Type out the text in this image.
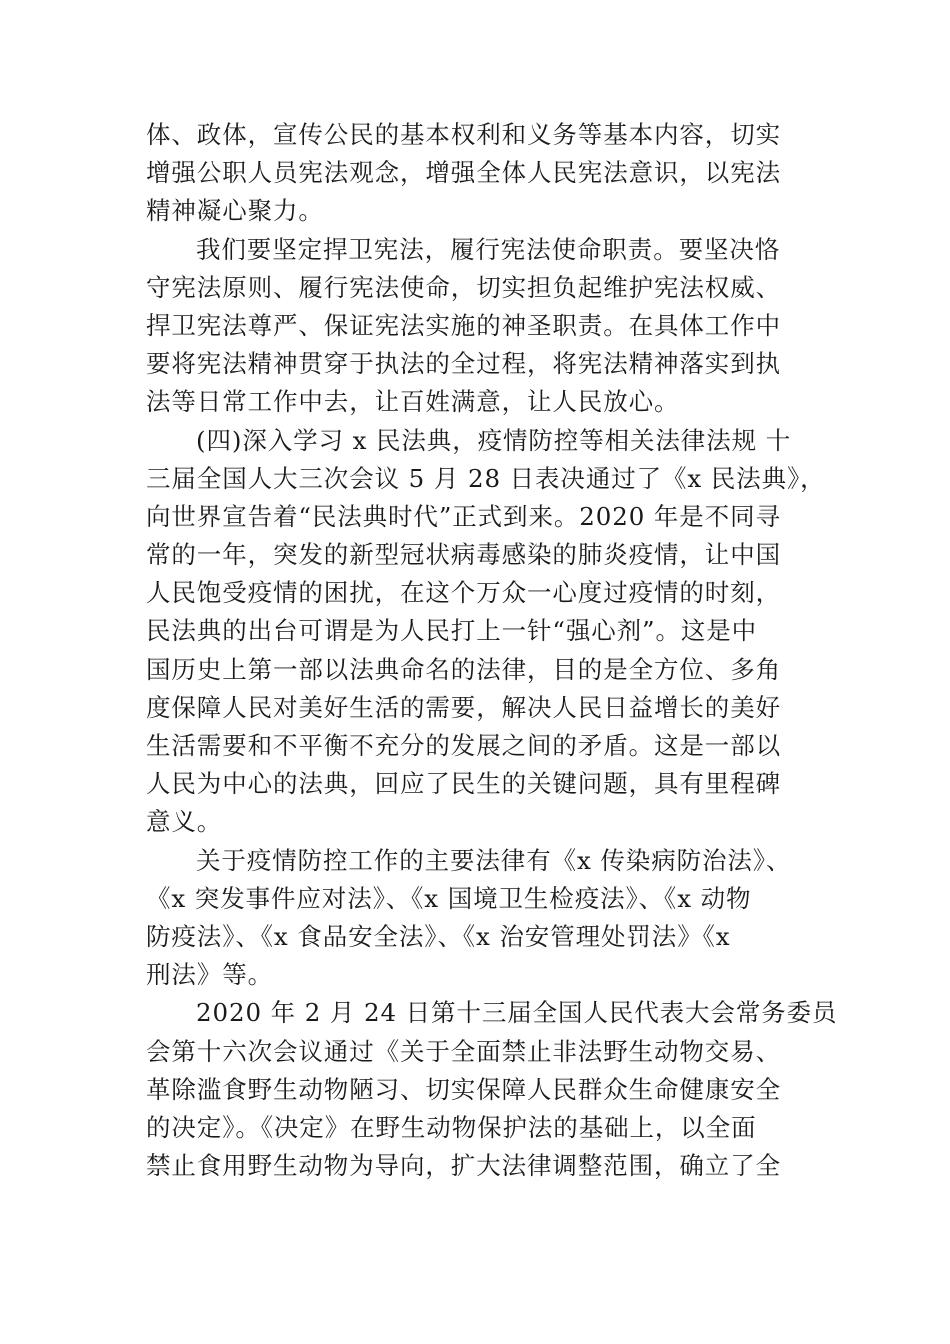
体、政体，宣传公民的基本权利和义务等基本内容，切实
增强公职人员宪法观念，增强全体人民宪法意识，以宪法
精神凝心聚力。
我们要坚定捍卫宪法，履行宪法使命职责。要坚决恪
守宪法原则、履行宪法使命，切实担负起维护宪法权威、
捍卫宪法尊严、保证宪法实施的神圣职责。在具体工作中
要将宪法精神贯穿于执法的全过程，将宪法精神落实到执
法等日常工作中去，让百姓满意，让人民放心。
(四)深入学习 x 民法典，疫情防控等相关法律法规 十
三届全国人大三次会议 5 月 28 日表决通过了《x 民法典》，
向世界宣告着“民法典时代”正式到来。2020 年是不同寻
常的一年，突发的新型冠状病毒感染的肺炎疫情，让中国
人民饱受疫情的困扰，在这个万众一心度过疫情的时刻，
民法典的出台可谓是为人民打上一针“强心剂”。这是中
国历史上第一部以法典命名的法律，目的是全方位、多角
度保障人民对美好生活的需要，解决人民日益增长的美好
生活需要和不平衡不充分的发展之间的矛盾。这是一部以
人民为中心的法典，回应了民生的关键问题，具有里程碑
意义。
关于疫情防控工作的主要法律有《x 传染病防治法》、
《x 突发事件应对法》、《x 国境卫生检疫法》、《x 动物
防疫法》、《x 食品安全法》、《x 治安管理处罚法》《x
刑法》等。
2020 年 2 月 24 日第十三届全国人民代表大会常务委员
会第十六次会议通过《关于全面禁止非法野生动物交易、
革除滥食野生动物陋习、切实保障人民群众生命健康安全
的决定》。《决定》在野生动物保护法的基础上，以全面
禁止食用野生动物为导向，扩大法律调整范围，确立了全
